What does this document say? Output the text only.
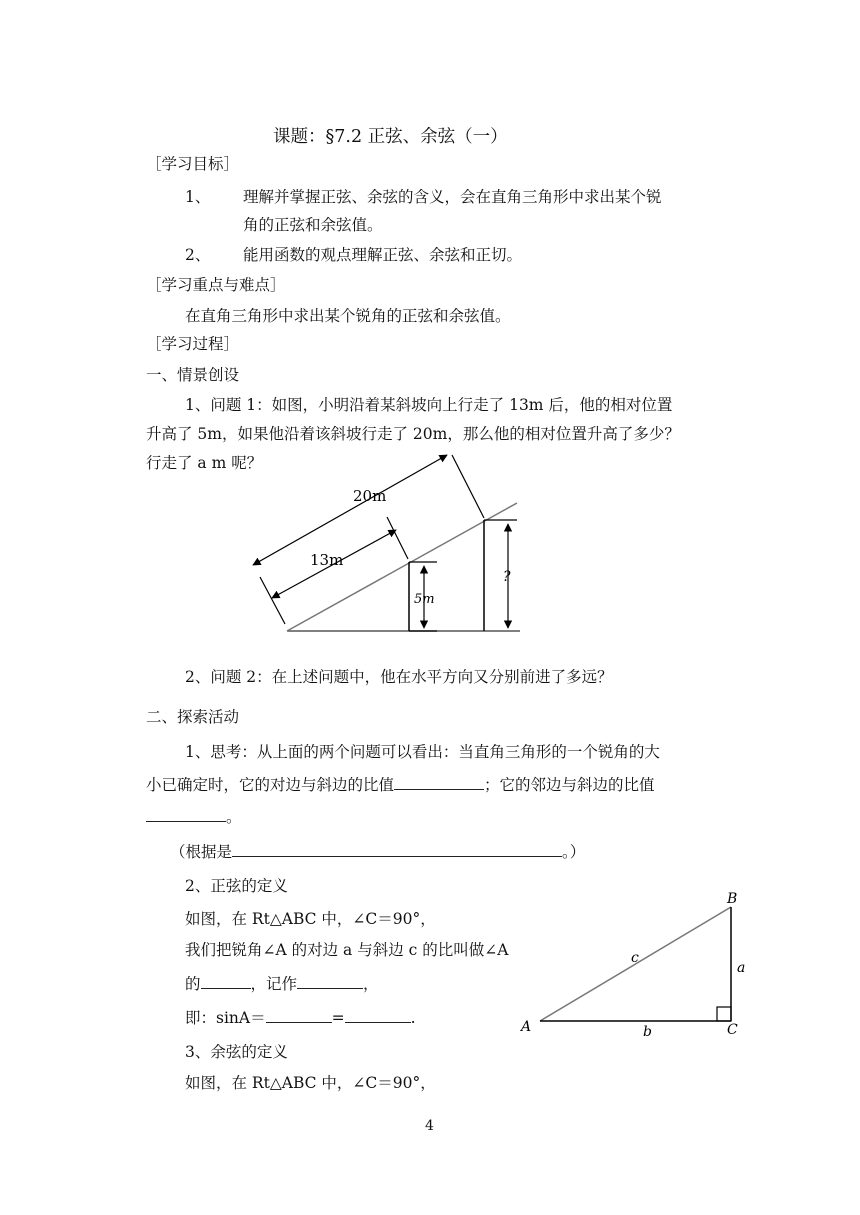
课题：§7.2 正弦、余弦（一）
［学习目标］
1、 理解并掌握正弦、余弦的含义，会在直角三角形中求出某个锐
角的正弦和余弦值。
2、 能用函数的观点理解正弦、余弦和正切。
［学习重点与难点］
在直角三角形中求出某个锐角的正弦和余弦值。
［学习过程］
一、情景创设
1、问题 1：如图，小明沿着某斜坡向上行走了 13m 后，他的相对位置
升高了 5m，如果他沿着该斜坡行走了 20m，那么他的相对位置升高了多少？
行走了 a m 呢？
20m
13m
5m
?
2、问题 2：在上述问题中，他在水平方向又分别前进了多远？
二、探索活动
1、思考：从上面的两个问题可以看出：当直角三角形的一个锐角的大
小已确定时，它的对边与斜边的比值	；它的邻边与斜边的比值
。
（根据是	。）
2、正弦的定义
如图，在 Rt△ABC 中，∠C＝90°，
我们把锐角∠A 的对边 a 与斜边 c 的比叫做∠A
的	，记作	，
即：sinA＝	=	.
3、余弦的定义
如图，在 Rt△ABC 中，∠C＝90°，
A
B
C
a
b
c
4
